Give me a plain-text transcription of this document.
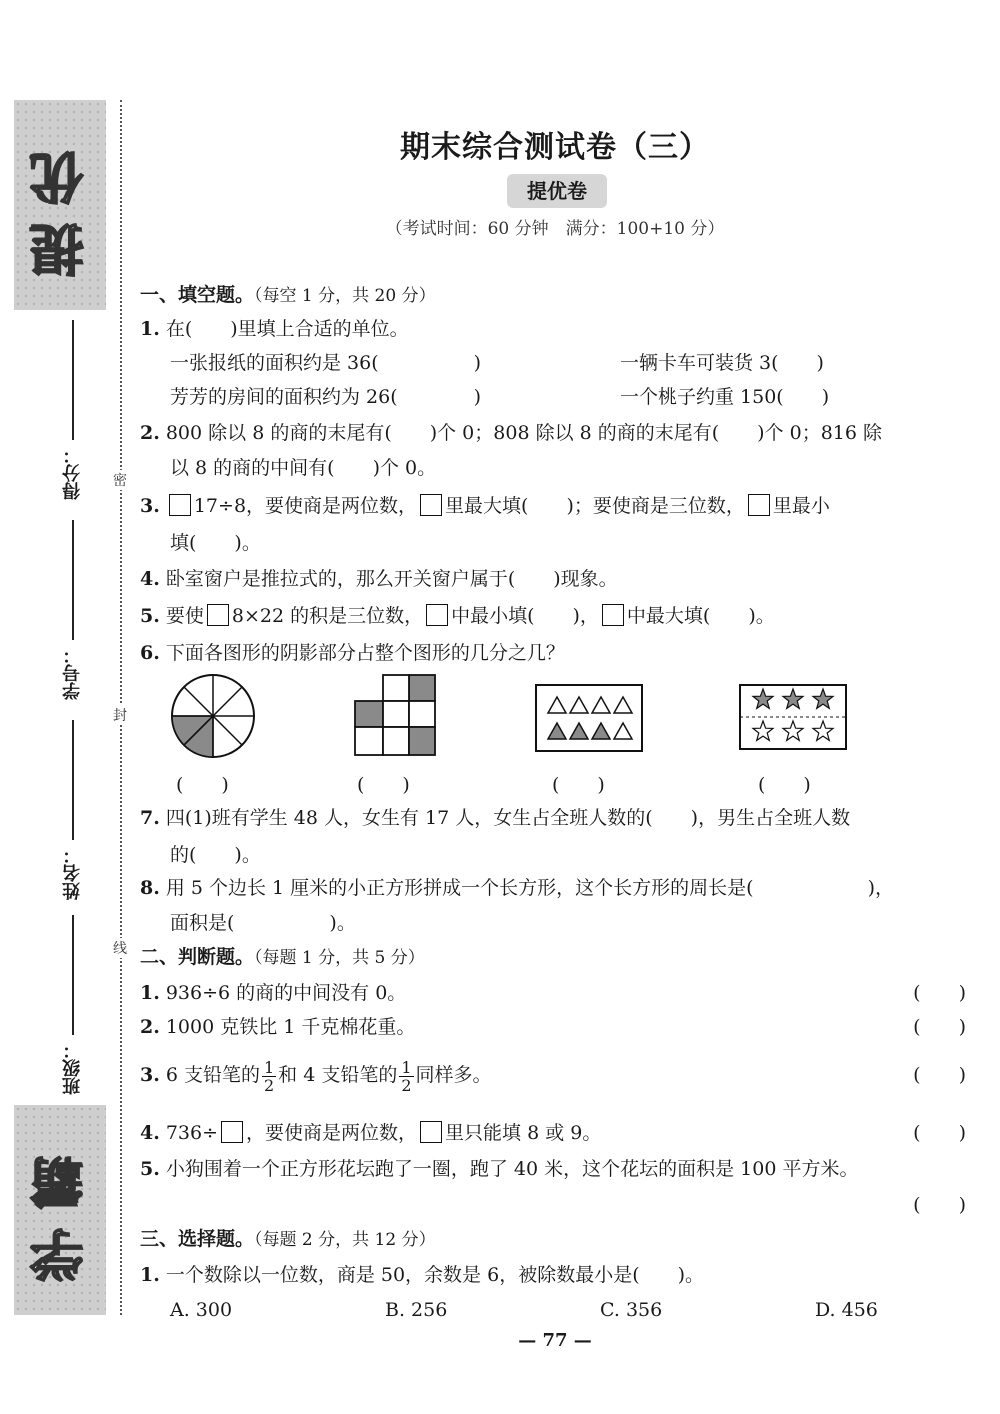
提优
学霸
得分：
学号：
姓名：
班级：
密
封
线
期末综合测试卷（三）
提优卷
（考试时间：60 分钟　满分：100+10 分）
一、填空题。（每空 1 分，共 20 分）
1. 在(　　)里填上合适的单位。
一张报纸的面积约是 36(　　　　　)	一辆卡车可装货 3(　　)
芳芳的房间的面积约为 26(　　　　)	一个桃子约重 150(　　)
2. 800 除以 8 的商的末尾有(　　)个 0；808 除以 8 的商的末尾有(　　)个 0；816 除
以 8 的商的中间有(　　)个 0。
3. 17÷8，要使商是两位数， 里最大填(　　)；要使商是三位数， 里最小
填(　　)。
4. 卧室窗户是推拉式的，那么开关窗户属于(　　)现象。
5. 要使 8×22 的积是三位数， 中最小填(　　)， 中最大填(　　)。
6. 下面各图形的阴影部分占整个图形的几分之几？
(　　)	(　　)	(　　)	(　　)
7. 四(1)班有学生 48 人，女生有 17 人，女生占全班人数的(　　)，男生占全班人数
的(　　)。
8. 用 5 个边长 1 厘米的小正方形拼成一个长方形，这个长方形的周长是(　　　　　　)，
面积是(　　　　　)。
二、判断题。（每题 1 分，共 5 分）
1. 936÷6 的商的中间没有 0。	(　　)
2. 1000 克铁比 1 千克棉花重。	(　　)
3. 6 支铅笔的 $\frac{1}{2}$ 和 4 支铅笔的 $\frac{1}{2}$ 同样多。	(　　)
4. 736÷ ，要使商是两位数， 里只能填 8 或 9。	(　　)
5. 小狗围着一个正方形花坛跑了一圈，跑了 40 米，这个花坛的面积是 100 平方米。
(　　)
三、选择题。（每题 2 分，共 12 分）
1. 一个数除以一位数，商是 50，余数是 6，被除数最小是(　　)。
A. 300	B. 256	C. 356	D. 456
— 77 —
